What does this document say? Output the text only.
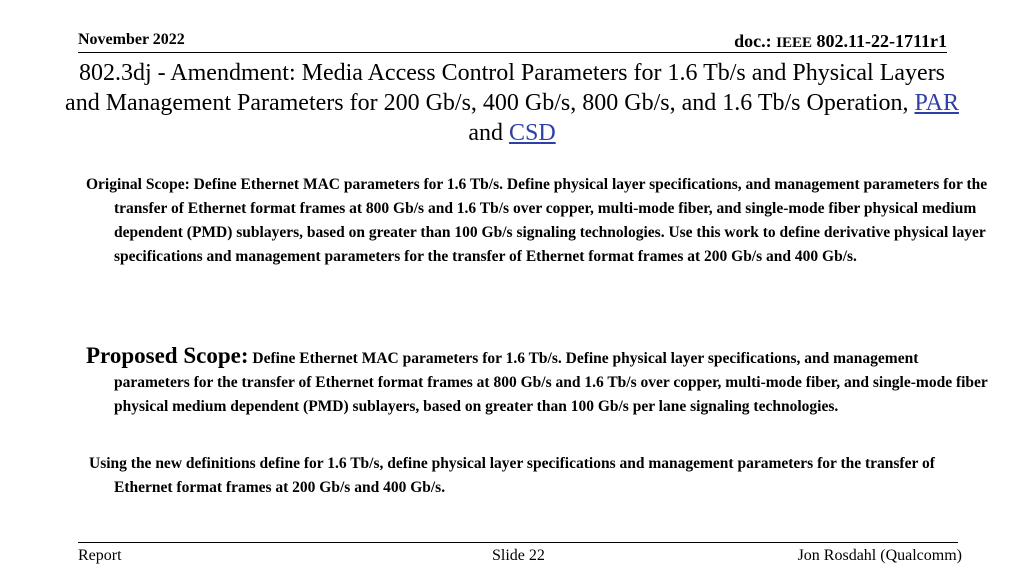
November 2022	doc.: IEEE 802.11-22-1711r1
802.3dj - Amendment: Media Access Control Parameters for 1.6 Tb/s and Physical Layers and Management Parameters for 200 Gb/s, 400 Gb/s, 800 Gb/s, and 1.6 Tb/s Operation, PAR and CSD
Original Scope: Define Ethernet MAC parameters for 1.6 Tb/s. Define physical layer specifications, and management parameters for the transfer of Ethernet format frames at 800 Gb/s and 1.6 Tb/s over copper, multi-mode fiber, and single-mode fiber physical medium dependent (PMD) sublayers, based on greater than 100 Gb/s signaling technologies. Use this work to define derivative physical layer specifications and management parameters for the transfer of Ethernet format frames at 200 Gb/s and 400 Gb/s.
Proposed Scope: Define Ethernet MAC parameters for 1.6 Tb/s. Define physical layer specifications, and management parameters for the transfer of Ethernet format frames at 800 Gb/s and 1.6 Tb/s over copper, multi-mode fiber, and single-mode fiber physical medium dependent (PMD) sublayers, based on greater than 100 Gb/s per lane signaling technologies.
Using the new definitions define for 1.6 Tb/s, define physical layer specifications and management parameters for the transfer of Ethernet format frames at 200 Gb/s and 400 Gb/s.
Report	Slide 22	Jon Rosdahl (Qualcomm)
